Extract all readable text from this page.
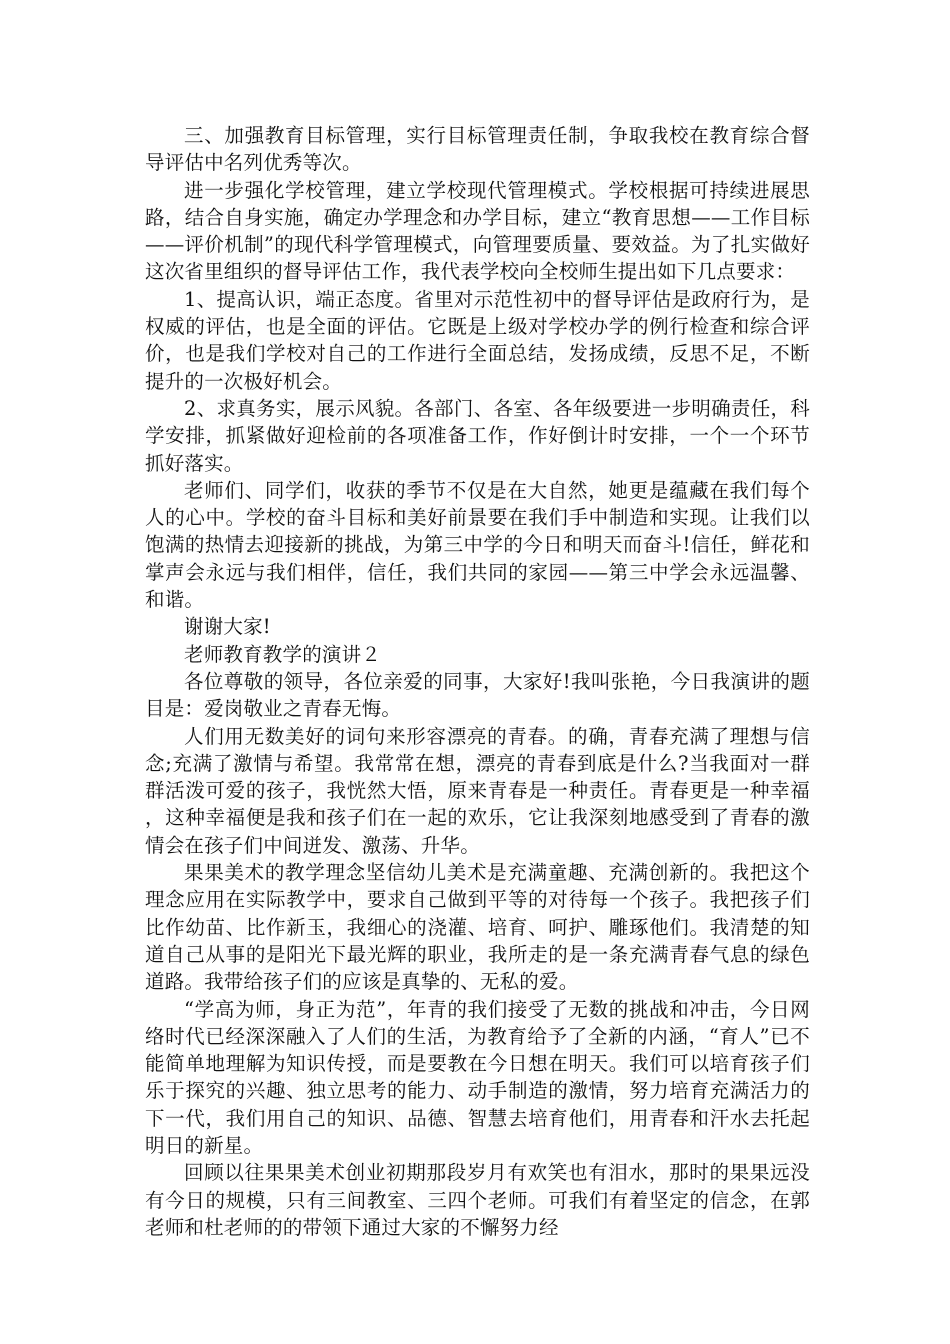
三、加强教育目标管理，实行目标管理责任制，争取我校在教育综合督导评估中名列优秀等次。

进一步强化学校管理，建立学校现代管理模式。学校根据可持续进展思路，结合自身实施，确定办学理念和办学目标，建立“教育思想——工作目标——评价机制”的现代科学管理模式，向管理要质量、要效益。为了扎实做好这次省里组织的督导评估工作，我代表学校向全校师生提出如下几点要求：

1、提高认识，端正态度。省里对示范性初中的督导评估是政府行为，是权威的评估，也是全面的评估。它既是上级对学校办学的例行检查和综合评价，也是我们学校对自己的工作进行全面总结，发扬成绩，反思不足，不断提升的一次极好机会。

2、求真务实，展示风貌。各部门、各室、各年级要进一步明确责任，科学安排，抓紧做好迎检前的各项准备工作，作好倒计时安排，一个一个环节抓好落实。

老师们、同学们，收获的季节不仅是在大自然，她更是蕴藏在我们每个人的心中。学校的奋斗目标和美好前景要在我们手中制造和实现。让我们以饱满的热情去迎接新的挑战，为第三中学的今日和明天而奋斗!信任，鲜花和掌声会永远与我们相伴，信任，我们共同的家园——第三中学会永远温馨、和谐。

谢谢大家!

老师教育教学的演讲２

各位尊敬的领导，各位亲爱的同事，大家好!我叫张艳，今日我演讲的题目是：爱岗敬业之青春无悔。

人们用无数美好的词句来形容漂亮的青春。的确，青春充满了理想与信念;充满了激情与希望。我常常在想，漂亮的青春到底是什么?当我面对一群群活泼可爱的孩子，我恍然大悟，原来青春是一种责任。青春更是一种幸福，这种幸福便是我和孩子们在一起的欢乐，它让我深刻地感受到了青春的激情会在孩子们中间迸发、激荡、升华。

果果美术的教学理念坚信幼儿美术是充满童趣、充满创新的。我把这个理念应用在实际教学中，要求自己做到平等的对待每一个孩子。我把孩子们比作幼苗、比作新玉，我细心的浇灌、培育、呵护、雕琢他们。我清楚的知道自己从事的是阳光下最光辉的职业，我所走的是一条充满青春气息的绿色道路。我带给孩子们的应该是真挚的、无私的爱。

“学高为师，身正为范”，年青的我们接受了无数的挑战和冲击，今日网络时代已经深深融入了人们的生活，为教育给予了全新的内涵，“育人”已不能简单地理解为知识传授，而是要教在今日想在明天。我们可以培育孩子们乐于探究的兴趣、独立思考的能力、动手制造的激情，努力培育充满活力的下一代，我们用自己的知识、品德、智慧去培育他们，用青春和汗水去托起明日的新星。

回顾以往果果美术创业初期那段岁月有欢笑也有泪水，那时的果果远没有今日的规模，只有三间教室、三四个老师。可我们有着坚定的信念，在郭老师和杜老师的的带领下通过大家的不懈努力经
